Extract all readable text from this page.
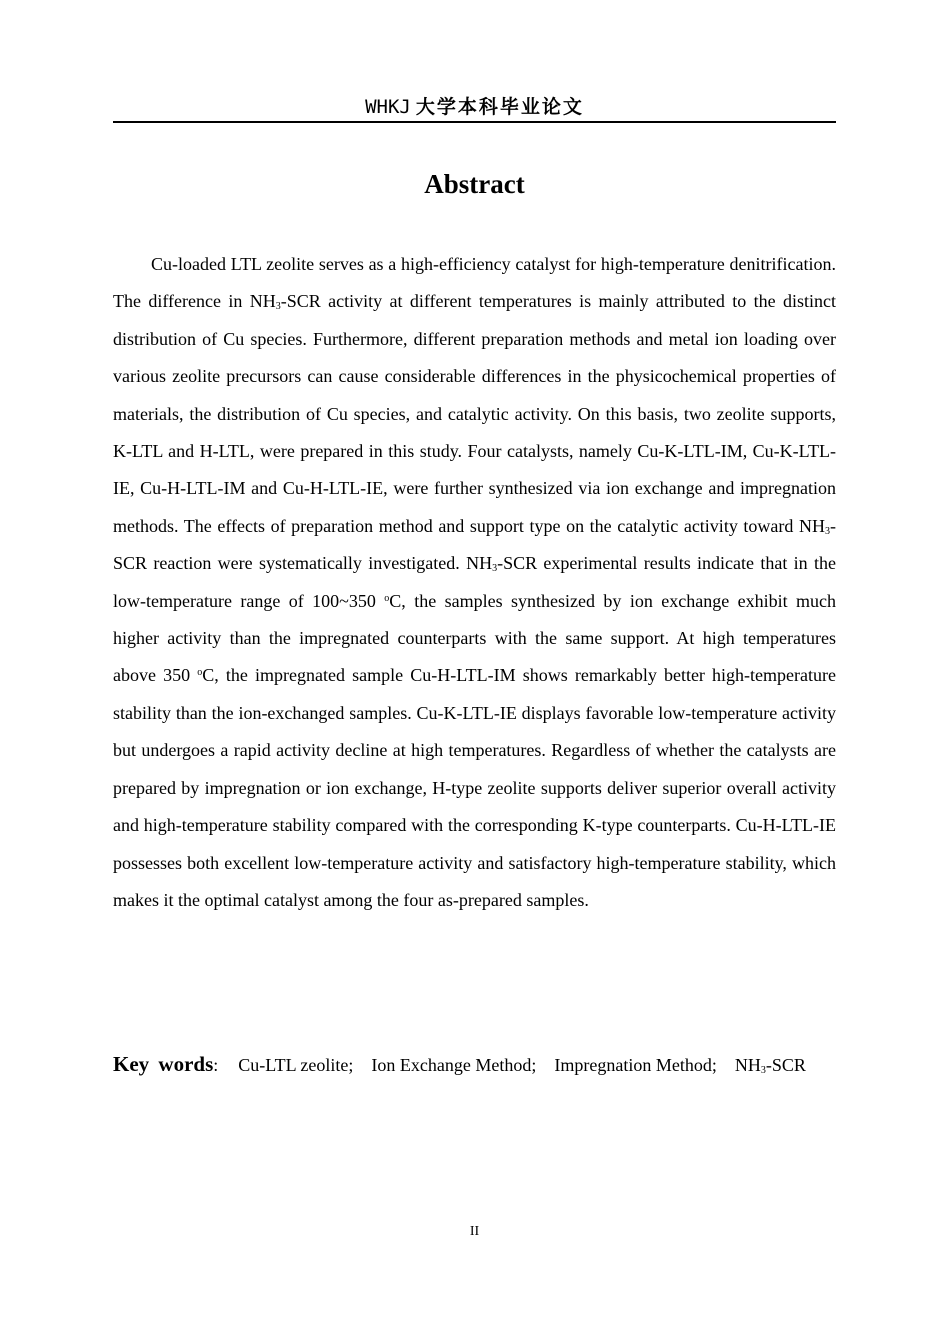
WHKJ 大学本科毕业论文
Abstract

Cu-loaded LTL zeolite serves as a high-efficiency catalyst for high-temperature denitrification. The difference in $NH_3$-SCR activity at different temperatures is mainly attributed to the distinct distribution of Cu species. Furthermore, different preparation methods and metal ion loading over various zeolite precursors can cause considerable differences in the physicochemical properties of materials, the distribution of Cu species, and catalytic activity. On this basis, two zeolite supports, K-LTL and H-LTL, were prepared in this study. Four catalysts, namely Cu-K-LTL-IM, Cu-K-LTL-IE, Cu-H-LTL-IM and Cu-H-LTL-IE, were further synthesized via ion exchange and impregnation methods. The effects of preparation method and support type on the catalytic activity toward $NH_3$-SCR reaction were systematically investigated. $NH_3$-SCR experimental results indicate that in the low-temperature range of 100~350 $^o$C, the samples synthesized by ion exchange exhibit much higher activity than the impregnated counterparts with the same support. At high temperatures above 350 $^o$C, the impregnated sample Cu-H-LTL-IM shows remarkably better high-temperature stability than the ion-exchanged samples. Cu-K-LTL-IE displays favorable low-temperature activity but undergoes a rapid activity decline at high temperatures. Regardless of whether the catalysts are prepared by impregnation or ion exchange, H-type zeolite supports deliver superior overall activity and high-temperature stability compared with the corresponding K-type counterparts. Cu-H-LTL-IE possesses both excellent low-temperature activity and satisfactory high-temperature stability, which makes it the optimal catalyst among the four as-prepared samples.

Key words: Cu-LTL zeolite; Ion Exchange Method; Impregnation Method; $NH_3$-SCR
II
